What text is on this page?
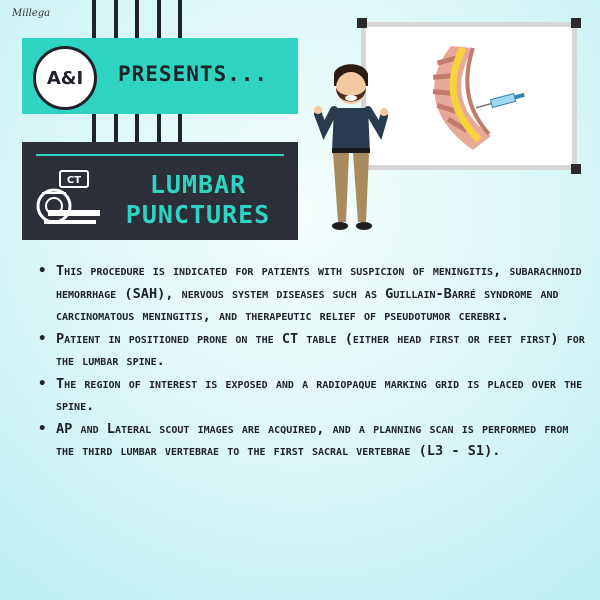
Millega
A&I PRESENTS...
CT	LUMBAR
PUNCTURES
• This procedure is indicated for patients with suspicion of meningitis, subarachnoid hemorrhage (SAH), nervous system diseases such as Guillain-Barré syndrome and carcinomatous meningitis, and therapeutic relief of pseudotumor cerebri.
• Patient in positioned prone on the CT table (either head first or feet first) for the lumbar spine.
• The region of interest is exposed and a radiopaque marking grid is placed over the spine.
• AP and Lateral scout images are acquired, and a planning scan is performed from the third lumbar vertebrae to the first sacral vertebrae (L3 - S1).
